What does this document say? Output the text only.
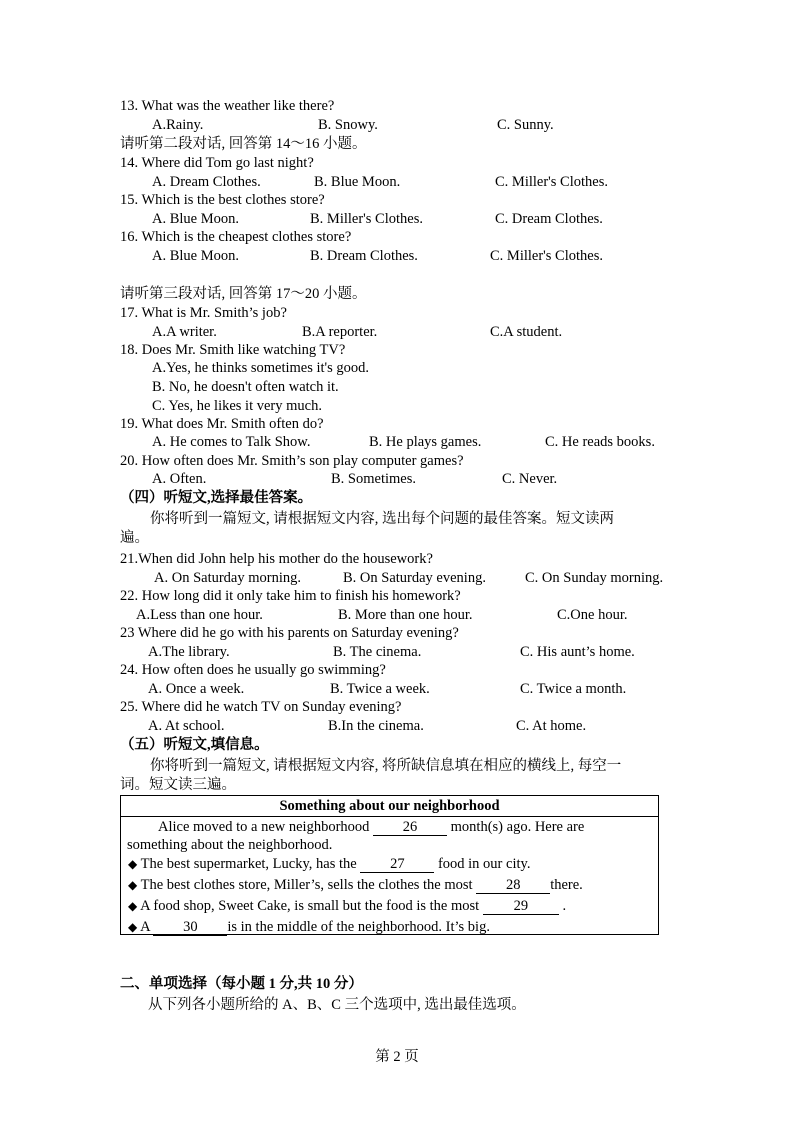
13. What was the weather like there?
A.Rainy.	B. Snowy.	C. Sunny.
请听第二段对话, 回答第 14～16 小题。
14. Where did Tom go last night?
A. Dream Clothes.	B. Blue Moon.	C. Miller's Clothes.
15. Which is the best clothes store?
A. Blue Moon.	B. Miller's Clothes.	C. Dream Clothes.
16. Which is the cheapest clothes store?
A. Blue Moon.	B. Dream Clothes.	C. Miller's Clothes.
请听第三段对话, 回答第 17～20 小题。
17. What is Mr. Smith’s job?
A.A writer.	B.A reporter.	C.A student.
18. Does Mr. Smith like watching TV?
A.Yes, he thinks sometimes it's good.
B. No, he doesn't often watch it.
C. Yes, he likes it very much.
19. What does Mr. Smith often do?
A. He comes to Talk Show.	B. He plays games.	C. He reads books.
20. How often does Mr. Smith’s son play computer games?
A. Often.	B. Sometimes.	C. Never.
（四）听短文,选择最佳答案。
你将听到一篇短文, 请根据短文内容, 选出每个问题的最佳答案。短文读两
遍。
21.When did John help his mother do the housework?
A. On Saturday morning.	B. On Saturday evening.	C. On Sunday morning.
22. How long did it only take him to finish his homework?
A.Less than one hour.	B. More than one hour.	C.One hour.
23 Where did he go with his parents on Saturday evening?
A.The library.	B. The cinema.	C. His aunt’s home.
24. How often does he usually go swimming?
A. Once a week.	B. Twice a week.	C. Twice a month.
25. Where did he watch TV on Sunday evening?
A. At school.	B.In the cinema.	C. At home.
（五）听短文,填信息。
你将听到一篇短文, 请根据短文内容, 将所缺信息填在相应的横线上, 每空一
词。短文读三遍。
Something about our neighborhood
Alice moved to a new neighborhood 26 month(s) ago. Here are
something about the neighborhood.
◆ The best supermarket, Lucky, has the 27 food in our city.
◆ The best clothes store, Miller’s, sells the clothes the most 28 there.
◆ A food shop, Sweet Cake, is small but the food is the most 29 .
◆ A 30 is in the middle of the neighborhood. It’s big.
二、单项选择（每小题 1 分,共 10 分）
从下列各小题所给的 A、B、C 三个选项中, 选出最佳选项。
第 2 页
